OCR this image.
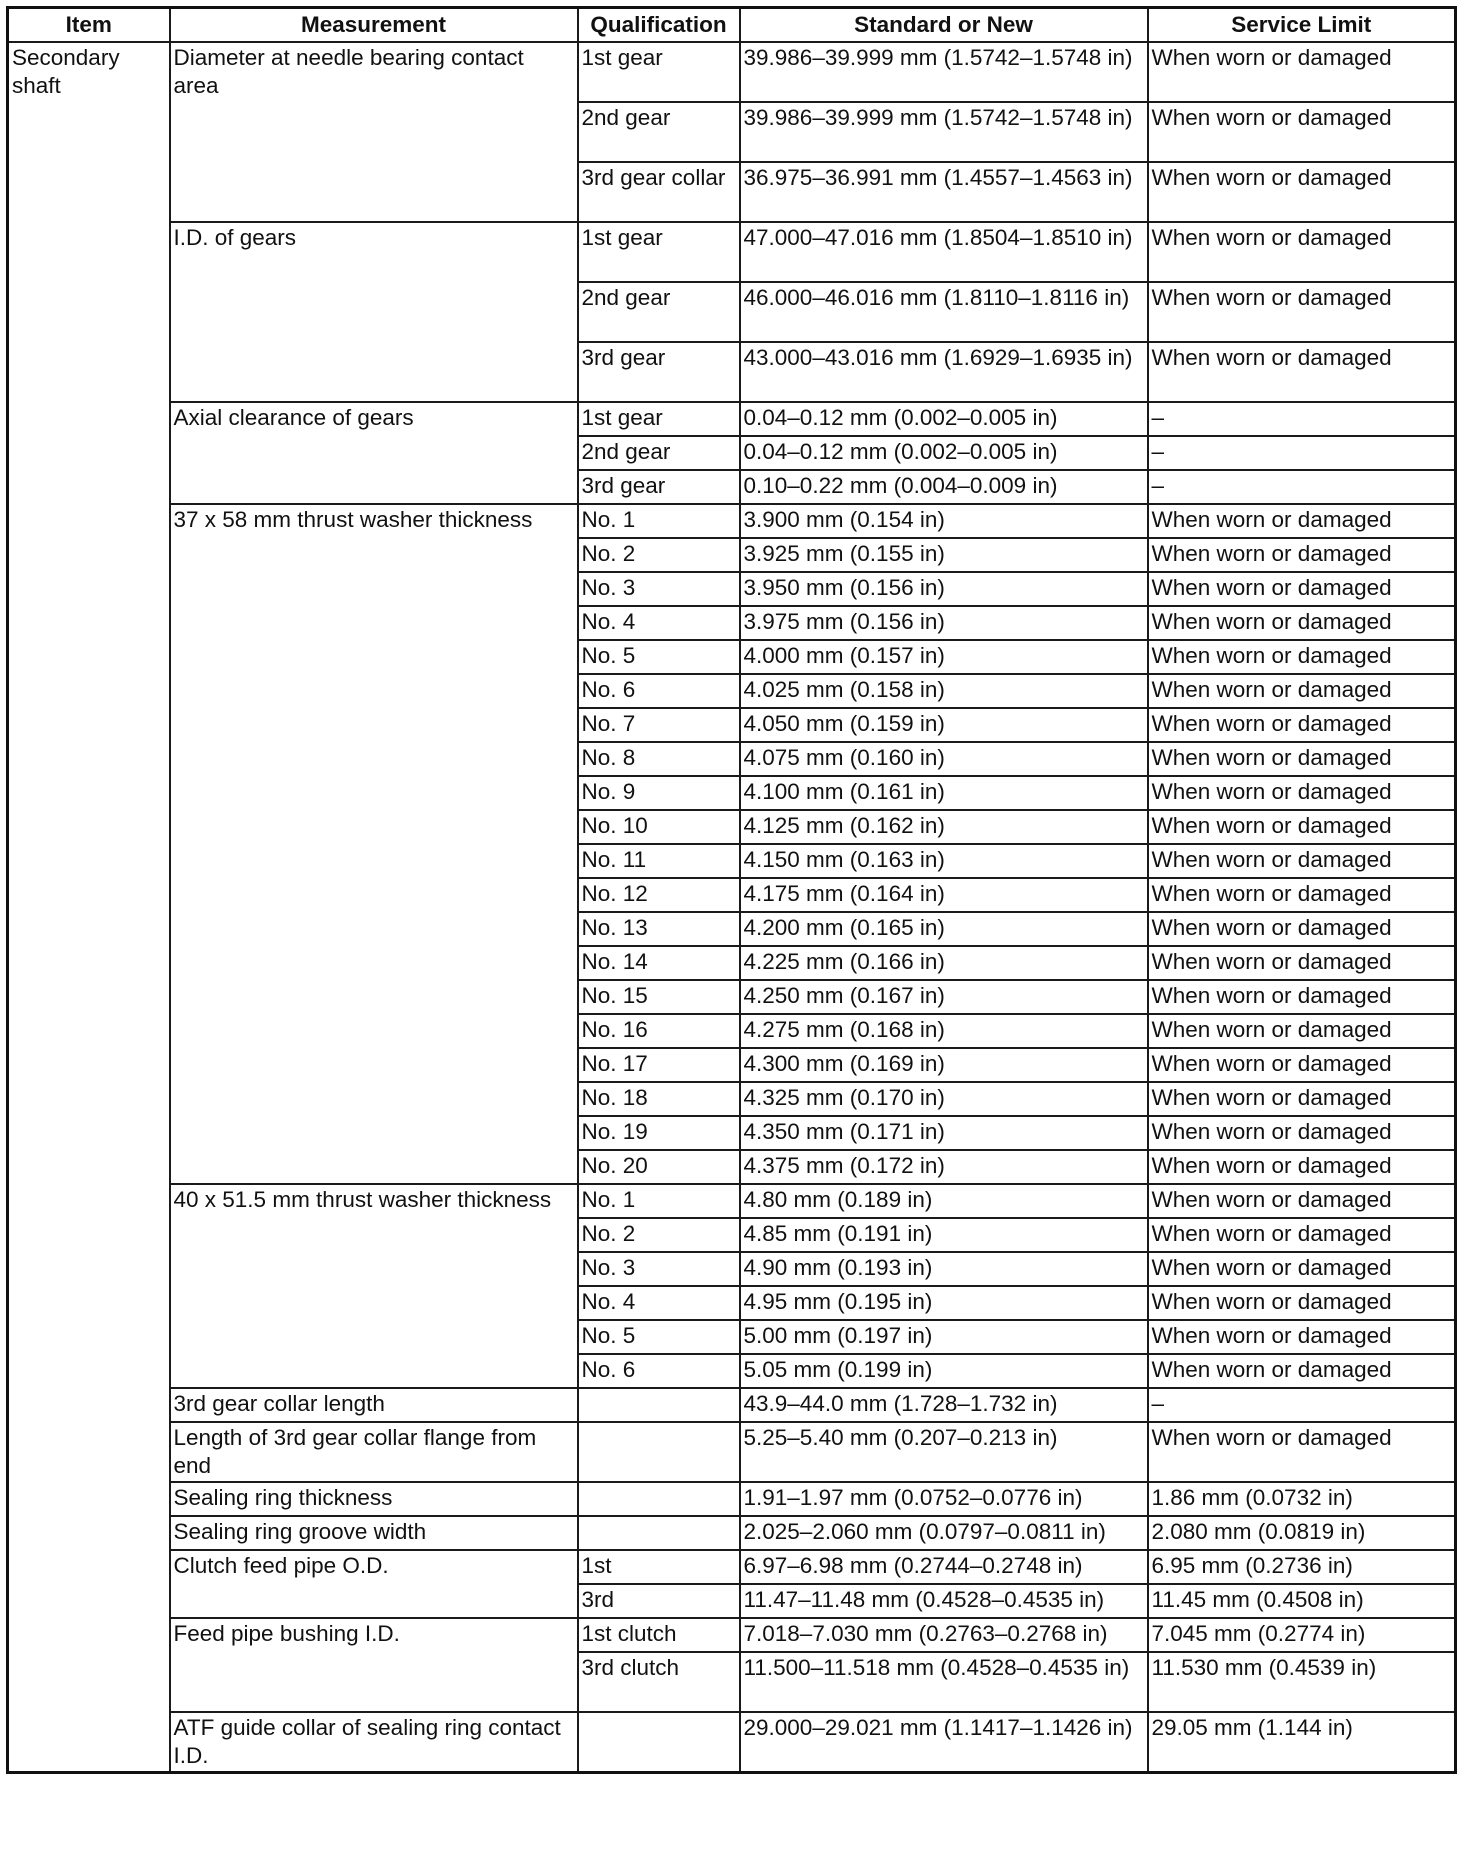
Item	Measurement	Qualification	Standard or New	Service Limit
Secondary shaft	Diameter at needle bearing contact area	1st gear	39.986–39.999 mm (1.5742–1.5748 in)	When worn or damaged
		2nd gear	39.986–39.999 mm (1.5742–1.5748 in)	When worn or damaged
		3rd gear collar	36.975–36.991 mm (1.4557–1.4563 in)	When worn or damaged
	I.D. of gears	1st gear	47.000–47.016 mm (1.8504–1.8510 in)	When worn or damaged
		2nd gear	46.000–46.016 mm (1.8110–1.8116 in)	When worn or damaged
		3rd gear	43.000–43.016 mm (1.6929–1.6935 in)	When worn or damaged
	Axial clearance of gears	1st gear	0.04–0.12 mm (0.002–0.005 in)	–
		2nd gear	0.04–0.12 mm (0.002–0.005 in)	–
		3rd gear	0.10–0.22 mm (0.004–0.009 in)	–
	37 x 58 mm thrust washer thickness	No. 1	3.900 mm (0.154 in)	When worn or damaged
		No. 2	3.925 mm (0.155 in)	When worn or damaged
		No. 3	3.950 mm (0.156 in)	When worn or damaged
		No. 4	3.975 mm (0.156 in)	When worn or damaged
		No. 5	4.000 mm (0.157 in)	When worn or damaged
		No. 6	4.025 mm (0.158 in)	When worn or damaged
		No. 7	4.050 mm (0.159 in)	When worn or damaged
		No. 8	4.075 mm (0.160 in)	When worn or damaged
		No. 9	4.100 mm (0.161 in)	When worn or damaged
		No. 10	4.125 mm (0.162 in)	When worn or damaged
		No. 11	4.150 mm (0.163 in)	When worn or damaged
		No. 12	4.175 mm (0.164 in)	When worn or damaged
		No. 13	4.200 mm (0.165 in)	When worn or damaged
		No. 14	4.225 mm (0.166 in)	When worn or damaged
		No. 15	4.250 mm (0.167 in)	When worn or damaged
		No. 16	4.275 mm (0.168 in)	When worn or damaged
		No. 17	4.300 mm (0.169 in)	When worn or damaged
		No. 18	4.325 mm (0.170 in)	When worn or damaged
		No. 19	4.350 mm (0.171 in)	When worn or damaged
		No. 20	4.375 mm (0.172 in)	When worn or damaged
	40 x 51.5 mm thrust washer thickness	No. 1	4.80 mm (0.189 in)	When worn or damaged
		No. 2	4.85 mm (0.191 in)	When worn or damaged
		No. 3	4.90 mm (0.193 in)	When worn or damaged
		No. 4	4.95 mm (0.195 in)	When worn or damaged
		No. 5	5.00 mm (0.197 in)	When worn or damaged
		No. 6	5.05 mm (0.199 in)	When worn or damaged
	3rd gear collar length		43.9–44.0 mm (1.728–1.732 in)	–
	Length of 3rd gear collar flange from end		5.25–5.40 mm (0.207–0.213 in)	When worn or damaged
	Sealing ring thickness		1.91–1.97 mm (0.0752–0.0776 in)	1.86 mm (0.0732 in)
	Sealing ring groove width		2.025–2.060 mm (0.0797–0.0811 in)	2.080 mm (0.0819 in)
	Clutch feed pipe O.D.	1st	6.97–6.98 mm (0.2744–0.2748 in)	6.95 mm (0.2736 in)
		3rd	11.47–11.48 mm (0.4528–0.4535 in)	11.45 mm (0.4508 in)
	Feed pipe bushing I.D.	1st clutch	7.018–7.030 mm (0.2763–0.2768 in)	7.045 mm (0.2774 in)
		3rd clutch	11.500–11.518 mm (0.4528–0.4535 in)	11.530 mm (0.4539 in)
	ATF guide collar of sealing ring contact I.D.		29.000–29.021 mm (1.1417–1.1426 in)	29.05 mm (1.144 in)
